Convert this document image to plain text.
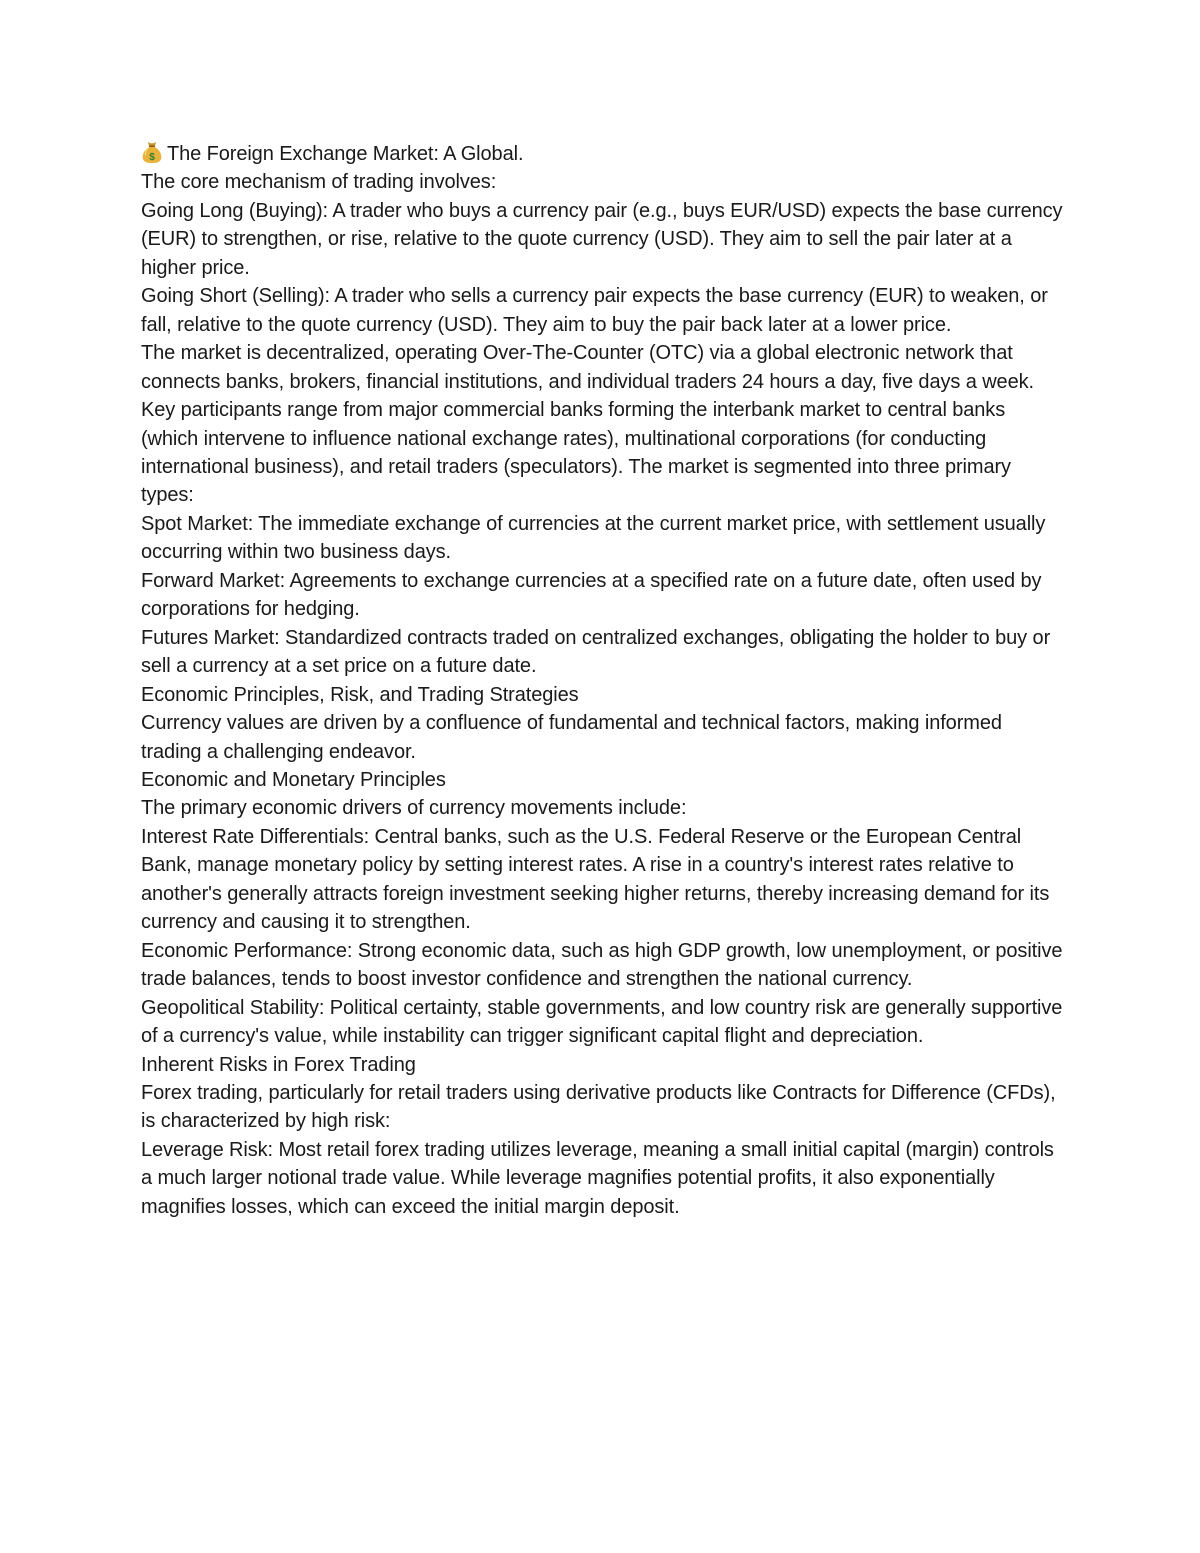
$ The Foreign Exchange Market: A Global.

The core mechanism of trading involves:

Going Long (Buying): A trader who buys a currency pair (e.g., buys EUR/USD) expects the base currency (EUR) to strengthen, or rise, relative to the quote currency (USD). They aim to sell the pair later at a higher price.

Going Short (Selling): A trader who sells a currency pair expects the base currency (EUR) to weaken, or fall, relative to the quote currency (USD). They aim to buy the pair back later at a lower price.

The market is decentralized, operating Over-The-Counter (OTC) via a global electronic network that connects banks, brokers, financial institutions, and individual traders 24 hours a day, five days a week.

Key participants range from major commercial banks forming the interbank market to central banks (which intervene to influence national exchange rates), multinational corporations (for conducting international business), and retail traders (speculators). The market is segmented into three primary types:

Spot Market: The immediate exchange of currencies at the current market price, with settlement usually occurring within two business days.

Forward Market: Agreements to exchange currencies at a specified rate on a future date, often used by corporations for hedging.

Futures Market: Standardized contracts traded on centralized exchanges, obligating the holder to buy or sell a currency at a set price on a future date.

Economic Principles, Risk, and Trading Strategies

Currency values are driven by a confluence of fundamental and technical factors, making informed trading a challenging endeavor.

Economic and Monetary Principles

The primary economic drivers of currency movements include:

Interest Rate Differentials: Central banks, such as the U.S. Federal Reserve or the European Central Bank, manage monetary policy by setting interest rates. A rise in a country's interest rates relative to another's generally attracts foreign investment seeking higher returns, thereby increasing demand for its currency and causing it to strengthen.

Economic Performance: Strong economic data, such as high GDP growth, low unemployment, or positive trade balances, tends to boost investor confidence and strengthen the national currency.

Geopolitical Stability: Political certainty, stable governments, and low country risk are generally supportive of a currency's value, while instability can trigger significant capital flight and depreciation.

Inherent Risks in Forex Trading

Forex trading, particularly for retail traders using derivative products like Contracts for Difference (CFDs), is characterized by high risk:

Leverage Risk: Most retail forex trading utilizes leverage, meaning a small initial capital (margin) controls a much larger notional trade value. While leverage magnifies potential profits, it also exponentially magnifies losses, which can exceed the initial margin deposit.
